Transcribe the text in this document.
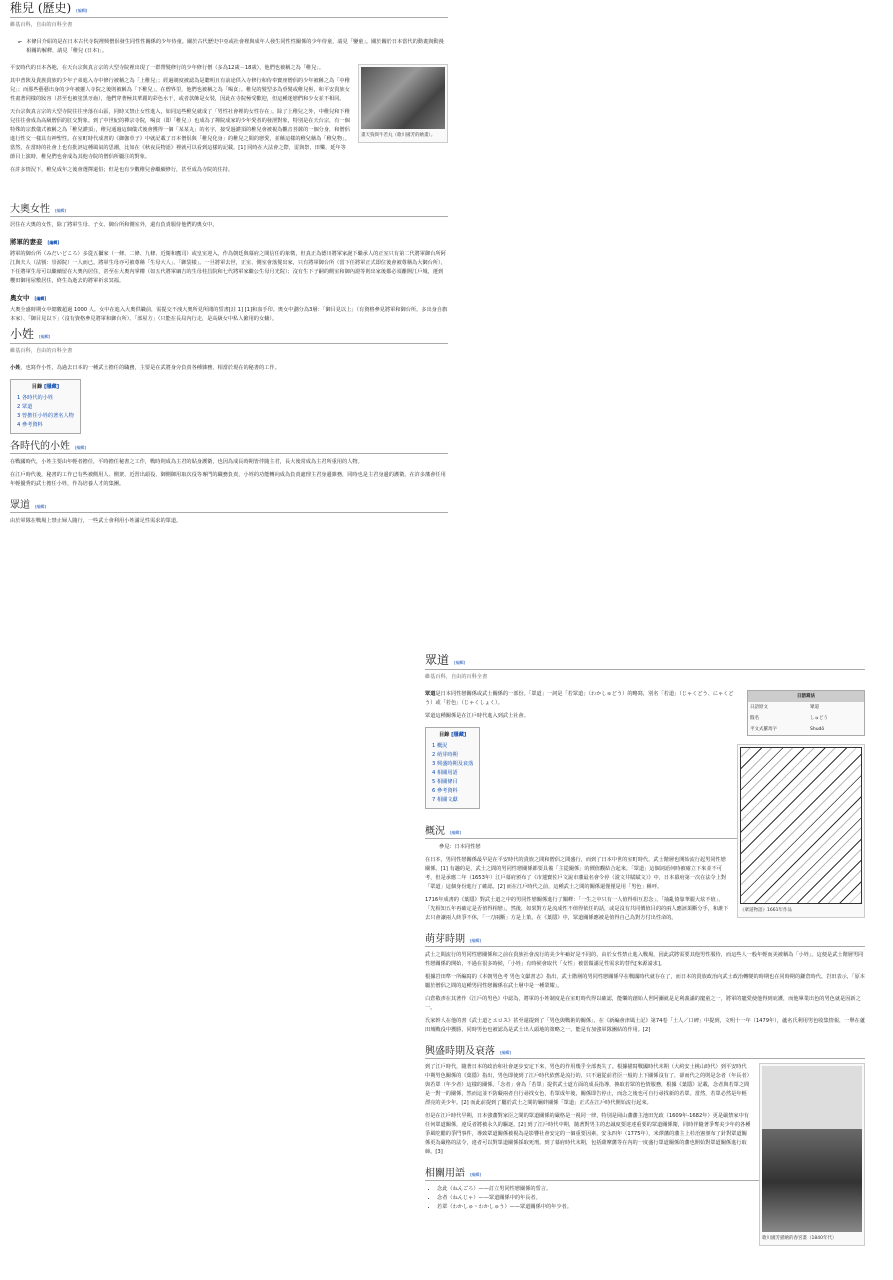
稚兒 (歷史) [編輯]

維基百科，自由的百科全書

⟜ 本條目介紹的是在日本古代寺院裡興僧侶發生同性性關係的少年侍童。關於古代歷史中亞或社會裡與成年人發生同性性關係的少年侍童，請見「孌童」。關於關於日本當代的動畫與動漫相關的解釋，請見「稚兒 (日本)」。
畫天狗與牛若丸（歌川國芳的繪畫）。

平安時代的日本各地，在天台宗與真言宗的大型寺院裡出現了一群帶髮修行的少年修行僧（多為12歲－18歲），他們也被稱之為「稚兒」。

其中普陝及貴族貴族的少年子弟進入寺中修行被稱之為「上稚兒」；經過剃度被認為是聰明且有前途供入寺修行和侍奉寶座僧侶的少年被稱之為「中稚兒」；而那些藝藝出身的少年被靈人寺院之後則被稱為「下稚兒」。在僧界里，他們也被稱之為「喝食」。稚兒的髮型多為垂髮或稚兒髻，和平安貴族女性畫著同樣的妝容（甚至也被塗黑牙齒），他們穿著極其華麗的彩色水干，或者款飾是女裝，因此在寺院極受歡迎，但這種迷戀們和少女並不相同。

天台宗與真言宗的大型寺院往往坐落在山區，同時又禁止女性進入，如同這些稚兒就成了「男性社會裡的女性存在」。除了上稚兒之外，中稚兒和下稚兒往往會成為高級僧侶的肛交對象。到了中世紀的禪宗寺院，喝食（即「稚兒」）也成為了禪院成家的少年愛者的發泄對象，特別是在天台宗，有一個特殊的宗教儀式被稱之為「稚兒灌頂」，稚兒通過這個儀式後會獲得一個「某某丸」的名字，接受過灌頂的稚兒會被視為觀音菩薩的一個分身，和僧侶進行性交一樣具有神聖性。在室町時代成書的《御伽草子》中就記載了日本僧侶與「稚兒化身」的稚兒之間的戀愛，並稱這樣的稚兒稱為「稚兒物」。當然，在當時的社會上也有批評這種風氣的思潮，比如在《秋夜長物語》裡就可以看到這樣的記載。[1] 同時在大法會之際，雷與祭、田樂、延年等節目上演時，稚兒們也會成為其他寺院的僧侶所屬注的對象。

在許多情況下，稚兒成年之後會選擇還俗；但是也有少數稚兒會繼續修行，甚至成為寺院的住持。

大奧女性 [編輯]

居住在大奧的女性，除了將軍生母、子女、御台所和側室外，還有負責服侍他們的奧女中。

將軍的妻妾 [編輯]

將軍的御台所（みだいどころ）多從五攝家（一條、二條、九條、近衛和鷹司）或皇室迎入，作為朝廷與幕府之間信任的象徵，但真正為德川將軍家誕下繼承人的正室只有第二代將軍御台所阿江與夫人（法號：崇源院）一人而已。將軍生母亦可被尊稱「生母大人」、「御袋樣」。一旦將軍去世，正室、側室會落髮出家，只有將軍御台所（當下任將軍正式即位後會被尊稱為大御台所），下任將軍生母可以繼續留在大奧內居住，甚至在大奧內掌權（如五代將軍綱吉的生母桂昌院和七代將軍家繼公生母月光院）；沒有生下子嗣的側室和御內證等則出家後都必須離開江戶城，遷到櫻田御用屋敷居住，終生為逝去的將軍祈求冥福。

奧女中 [編輯]

大奧全盛時期女中總數超過 1000 人。女中在進入大奧供職前，需提交不洩大奧所見所聞的誓書[註 1] [1]和血手印。奧女中劃分為3層：「御目見以上」（有資格參見將軍和御台所，多出身自旗本家）、「御目見以下」（沒有資格參見將軍和御台所）、「部屋方」（只能在長局內行走，是高級女中私人僱用的女傭）。

小姓 [編輯]

維基百科，自由的百科全書

小姓，也寫作小性，為過去日本的一種武士擔任的職務，主要是在武將身旁負責各種雜務，相當於現在的秘書的工作。

目錄 [隱藏]
1 各時代的小姓
2 眾道
3 曾擔任小姓的著名人物
4 參考資料
各時代的小姓 [編輯]

在戰國時代，小姓主要由年輕者擔任，平時擔任秘書之工作，戰時則成為主君的貼身護衛，也因為成長時期皆伴隨主君，長大後常成為主君所重用的人物。

在江戶時代後，秘書的工作已有些被側用人、側衆、近習出頭役、御側御用取次役等專門的職務負責，小姓的功能轉向成為負責處理主君身邊雜務，同時也是主君身邊的護衛。在許多藩會任用年輕優秀的武士擔任小姓，作為培養人才的集團。

眾道 [編輯]

由於軍隊在戰場上禁止婦人隨行，一些武士會利用小姓滿足性需求的眾道。

眾道 [編輯]

維基百科，自由的百科全書

日語寫法
日語原文	眾道
假名	しゅどう
平文式羅馬字	Shudō

眾道是日本同性戀關係或武士關係的一部份。「眾道」一詞是「若眾道」（わかしゅどう）的略寫，別名「若道」（じゃくどう、にゃくどう）或「若色」（じゃくしょく）。

眾道這種關係是在江戶時代進入到武士社會。

《眾道物語》1661年作品
目錄 [隱藏]
1 概況
2 萌芽時期
3 興盛時期及衰落
4 相關用語
5 相關條目
6 參考資料
7 相關文獻
概況 [編輯]

參見：日本同性戀

在日本，男同性戀關係最早是在平安時代的貴族之間和僧侶之間盛行，而到了日本中世的室町時代，武士階層也開始流行起男同性戀關係。[1] 有趣的是，武士之間的男同性戀關係都要具備「主從關係」的價值觀結合起來。「眾道」這個詞語何時被確立下來並不可考，但是承應二年（1653年）江戶幕府頒布了《市蓮寶佐戶文說市藩最名會令停（證文井賦賦文）》中，日本幕府第一次在法令上對「眾道」這個身份進行了確認。[2] 而在江戶時代之前，這種武士之間的關係還僅僅是用「男色」稱呼。

1716年成書的《葉隱》對武士道之中的男同性戀關係進行了闡釋：「一生之中只有一人值得相互思念」、「抽亂倚靠華麗大炫不值」、「先相知五年再確定是否值得相戀」。然後，如果對方是流成性不值得依任的話，或是沒有共同價值目的的兩人應該果斷分手，和誰下去只會讓兩人終爭不休，「一刀兩斷」方是上策。在《葉隱》中，眾道關係應被是值得自己為對方付出性命的。

萌芽時期 [編輯]

武士之間流行的男同性戀關係和之前在貴族社會流行的美少年癖好是不同的，由於女性禁止進入戰場，因此武將需要其他男性服侍，而這些人一般年輕而美被稱為「小姓」。這便是武士階層男同性戀關係的開始，不過在很多時候，「小姓」有時候會取代「女性」被當做滿足性需求的替代[來源請求]。

根據岩田準一所編寫的《本朝男色考 男色文獻書志》指出，武士階層的男同性戀關係早在戰國時代就存在了，而日本的貴族政治向武士政治轉變的時期也在同時期的鎌倉時代。岩田表示，「原本屬於僧侶之間的這種男同性戀關係在武士層中是一種榮耀」。

白倉敬彥在其著作《江戶的男色》中認為，將軍的小姓制度是在室町時代得以確認，能樂的創始人世阿彌就是足利義滿的寵童之一，將軍的寵愛使他得到庇護，而他畢業出色的男色就是因新之一。

氏家幹人在他的書《武士道とエロス》甚至還提到了「男色與戰術的關係」，在《新編會津風土記》第74卷「土人／口碑」中提到，文明十一年（1479年），蘆名氏利用男色收集情報，一舉在蘆田城戰役中獲勝，同時男色也被認為是武士出人頭地的策略之一，能是有加強軍隊團結的作用。[2]

興盛時期及衰落 [編輯]
歌川國芳描繪的春宮畫（1840年代）

到了江戶時代，隨著日本的政治和社會逐步安定下來，男色的作用幾乎全部喪失了。根據描寫戰國時代末期（大約安土桃山時代）到平安時代中期男色關係的《葉隱》指出，男色即使到了江戶時代依舊是流行的，只不過從前君臣一般的上下關係沒有了，卻而代之的則是念者（年長者）與若眾（年少者）這樣的關係。「念者」會為「若眾」提供武士道方面的成長指導，換取若眾的色情服務，根據《葉隱》記載，念者與若眾之間是一對一的關係，然而這並不防礙兩者自行尋找女色，若眾成年後，關係即告停止，而念之後也可自行尋找新的若眾。當然，若眾必然是年輕漂亮的美少年。[2] 而此前提到了屬於武士之間的羈絆關係「眾道」正式在江戶時代開始流行起來。

但是在江戶時代早期，日本強藩對家臣之間的眾道關係的嚴格是一視同一律，特別是岡山藩藩主池田光政（1609年-1682年）更是嚴禁家中有任何眾道關係，違反者將被永久的驅逐。[2] 到了江戶時代中期，隨著對男主的忠誠度要達達重要的眾道關係衛，同時伴隨著爭奪美少年的各種爭風吃醋的爭鬥事件，導致眾道關係被視為是影響社會安定的一個重要因素，安永四年（1775年），米澤藩的藩主上杉治憲頒布了針對眾道關係更為嚴格的法令，違者可以對眾道關係採取死刑。到了幕府時代末期，包括薩摩藩等在內的一度盛行眾道關係的藩也開始對眾道關係進行取締。[3]

相關用語 [編輯]
• 念此（ねんごろ）——訂立男同性戀關係的誓言。
• 念者（ねんじゃ）——眾道關係中的年長者。
• 若眾（わかしゅ・わかしゅう）——眾道關係中的年少者。
